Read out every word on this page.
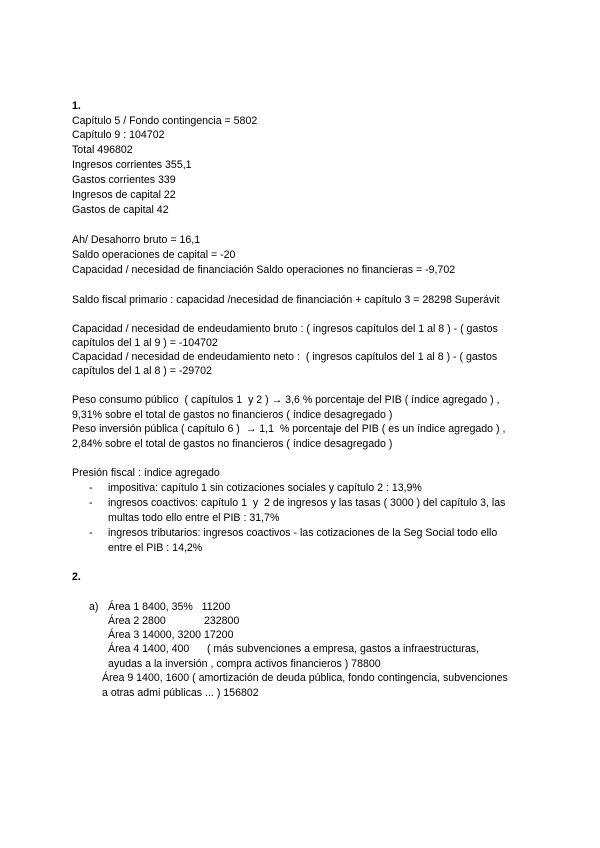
1.
Capítulo 5 / Fondo contingencia = 5802
Capítulo 9 : 104702
Total 496802
Ingresos corrientes 355,1
Gastos corrientes 339
Ingresos de capital 22
Gastos de capital 42
Ah/ Desahorro bruto = 16,1
Saldo operaciones de capital = -20
Capacidad / necesidad de financiación Saldo operaciones no financieras = -9,702
Saldo fiscal primario : capacidad /necesidad de financiación + capítulo 3 = 28298 Superávit
Capacidad / necesidad de endeudamiento bruto : ( ingresos capítulos del 1 al 8 ) - ( gastos
capítulos del 1 al 9 ) = -104702
Capacidad / necesidad de endeudamiento neto :  ( ingresos capítulos del 1 al 8 ) - ( gastos
capítulos del 1 al 8 ) = -29702
Peso consumo público  ( capítulos 1  y 2 ) → 3,6 % porcentaje del PIB ( índice agregado ) ,
9,31% sobre el total de gastos no financieros ( índice desagregado )
Peso inversión pública ( capítulo 6 )  → 1,1  % porcentaje del PIB ( es un índice agregado ) ,
2,84% sobre el total de gastos no financieros ( índice desagregado )
Presión fiscal : índice agregado
- impositiva: capítulo 1 sin cotizaciones sociales y capítulo 2 : 13,9%
- ingresos coactivos: capítulo 1  y  2 de ingresos y las tasas ( 3000 ) del capítulo 3, las
multas todo ello entre el PIB : 31,7%
- ingresos tributarios: ingresos coactivos - las cotizaciones de la Seg Social todo ello
entre el PIB : 14,2%
2.
a) Área 1 8400, 35%   11200
Área 2 2800             232800
Área 3 14000, 3200 17200
Área 4 1400, 400      ( más subvenciones a empresa, gastos a infraestructuras,
ayudas a la inversión , compra activos financieros ) 78800
Área 9 1400, 1600 ( amortización de deuda pública, fondo contingencia, subvenciones
a otras admi públicas ... ) 156802
